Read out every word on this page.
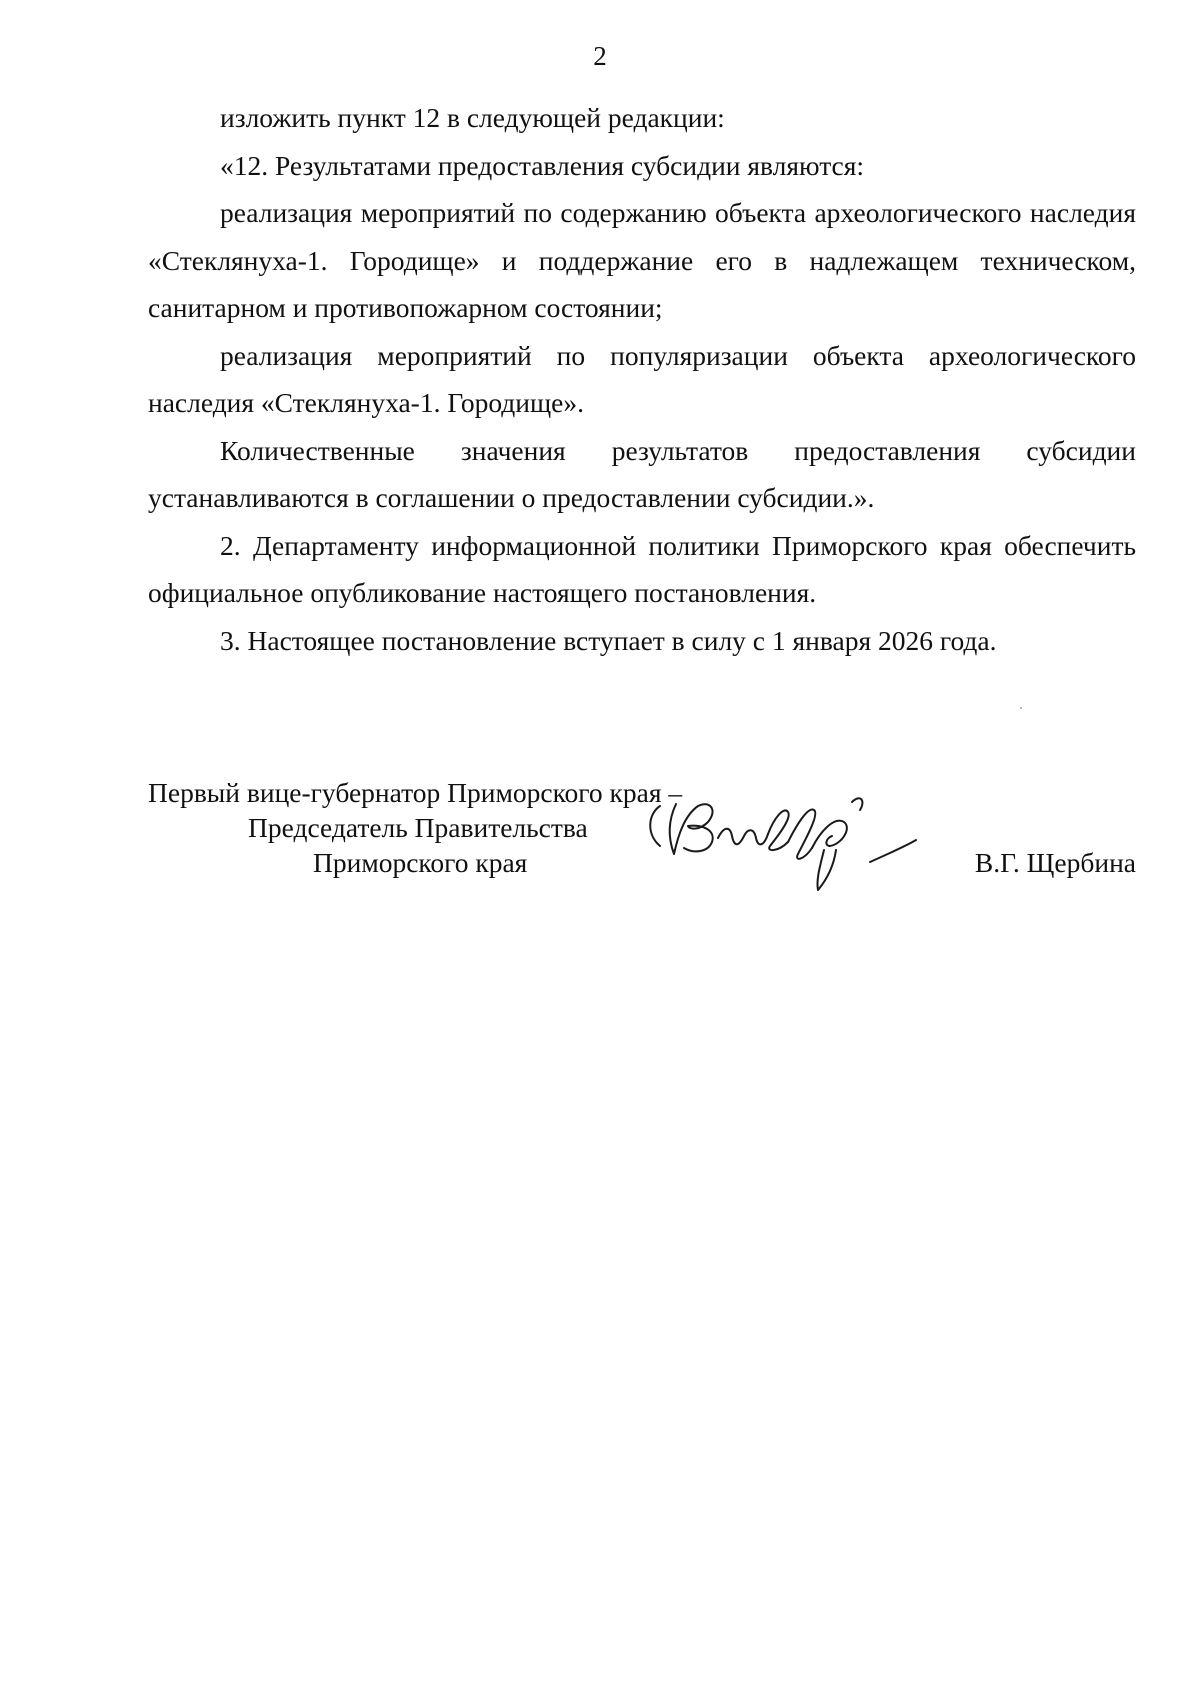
2

изложить пункт 12 в следующей редакции:

«12. Результатами предоставления субсидии являются:

реализация мероприятий по содержанию объекта археологического наследия «Стеклянуха-1. Городище» и поддержание его в надлежащем техническом, санитарном и противопожарном состоянии;

реализация мероприятий по популяризации объекта археологического наследия «Стеклянуха-1. Городище».

Количественные значения результатов предоставления субсидии устанавливаются в соглашении о предоставлении субсидии.».

2. Департаменту информационной политики Приморского края обеспечить официальное опубликование настоящего постановления.

3. Настоящее постановление вступает в силу с 1 января 2026 года.

Первый вице-губернатор Приморского края –
Председатель Правительства
Приморского края	В.Г. Щербина
